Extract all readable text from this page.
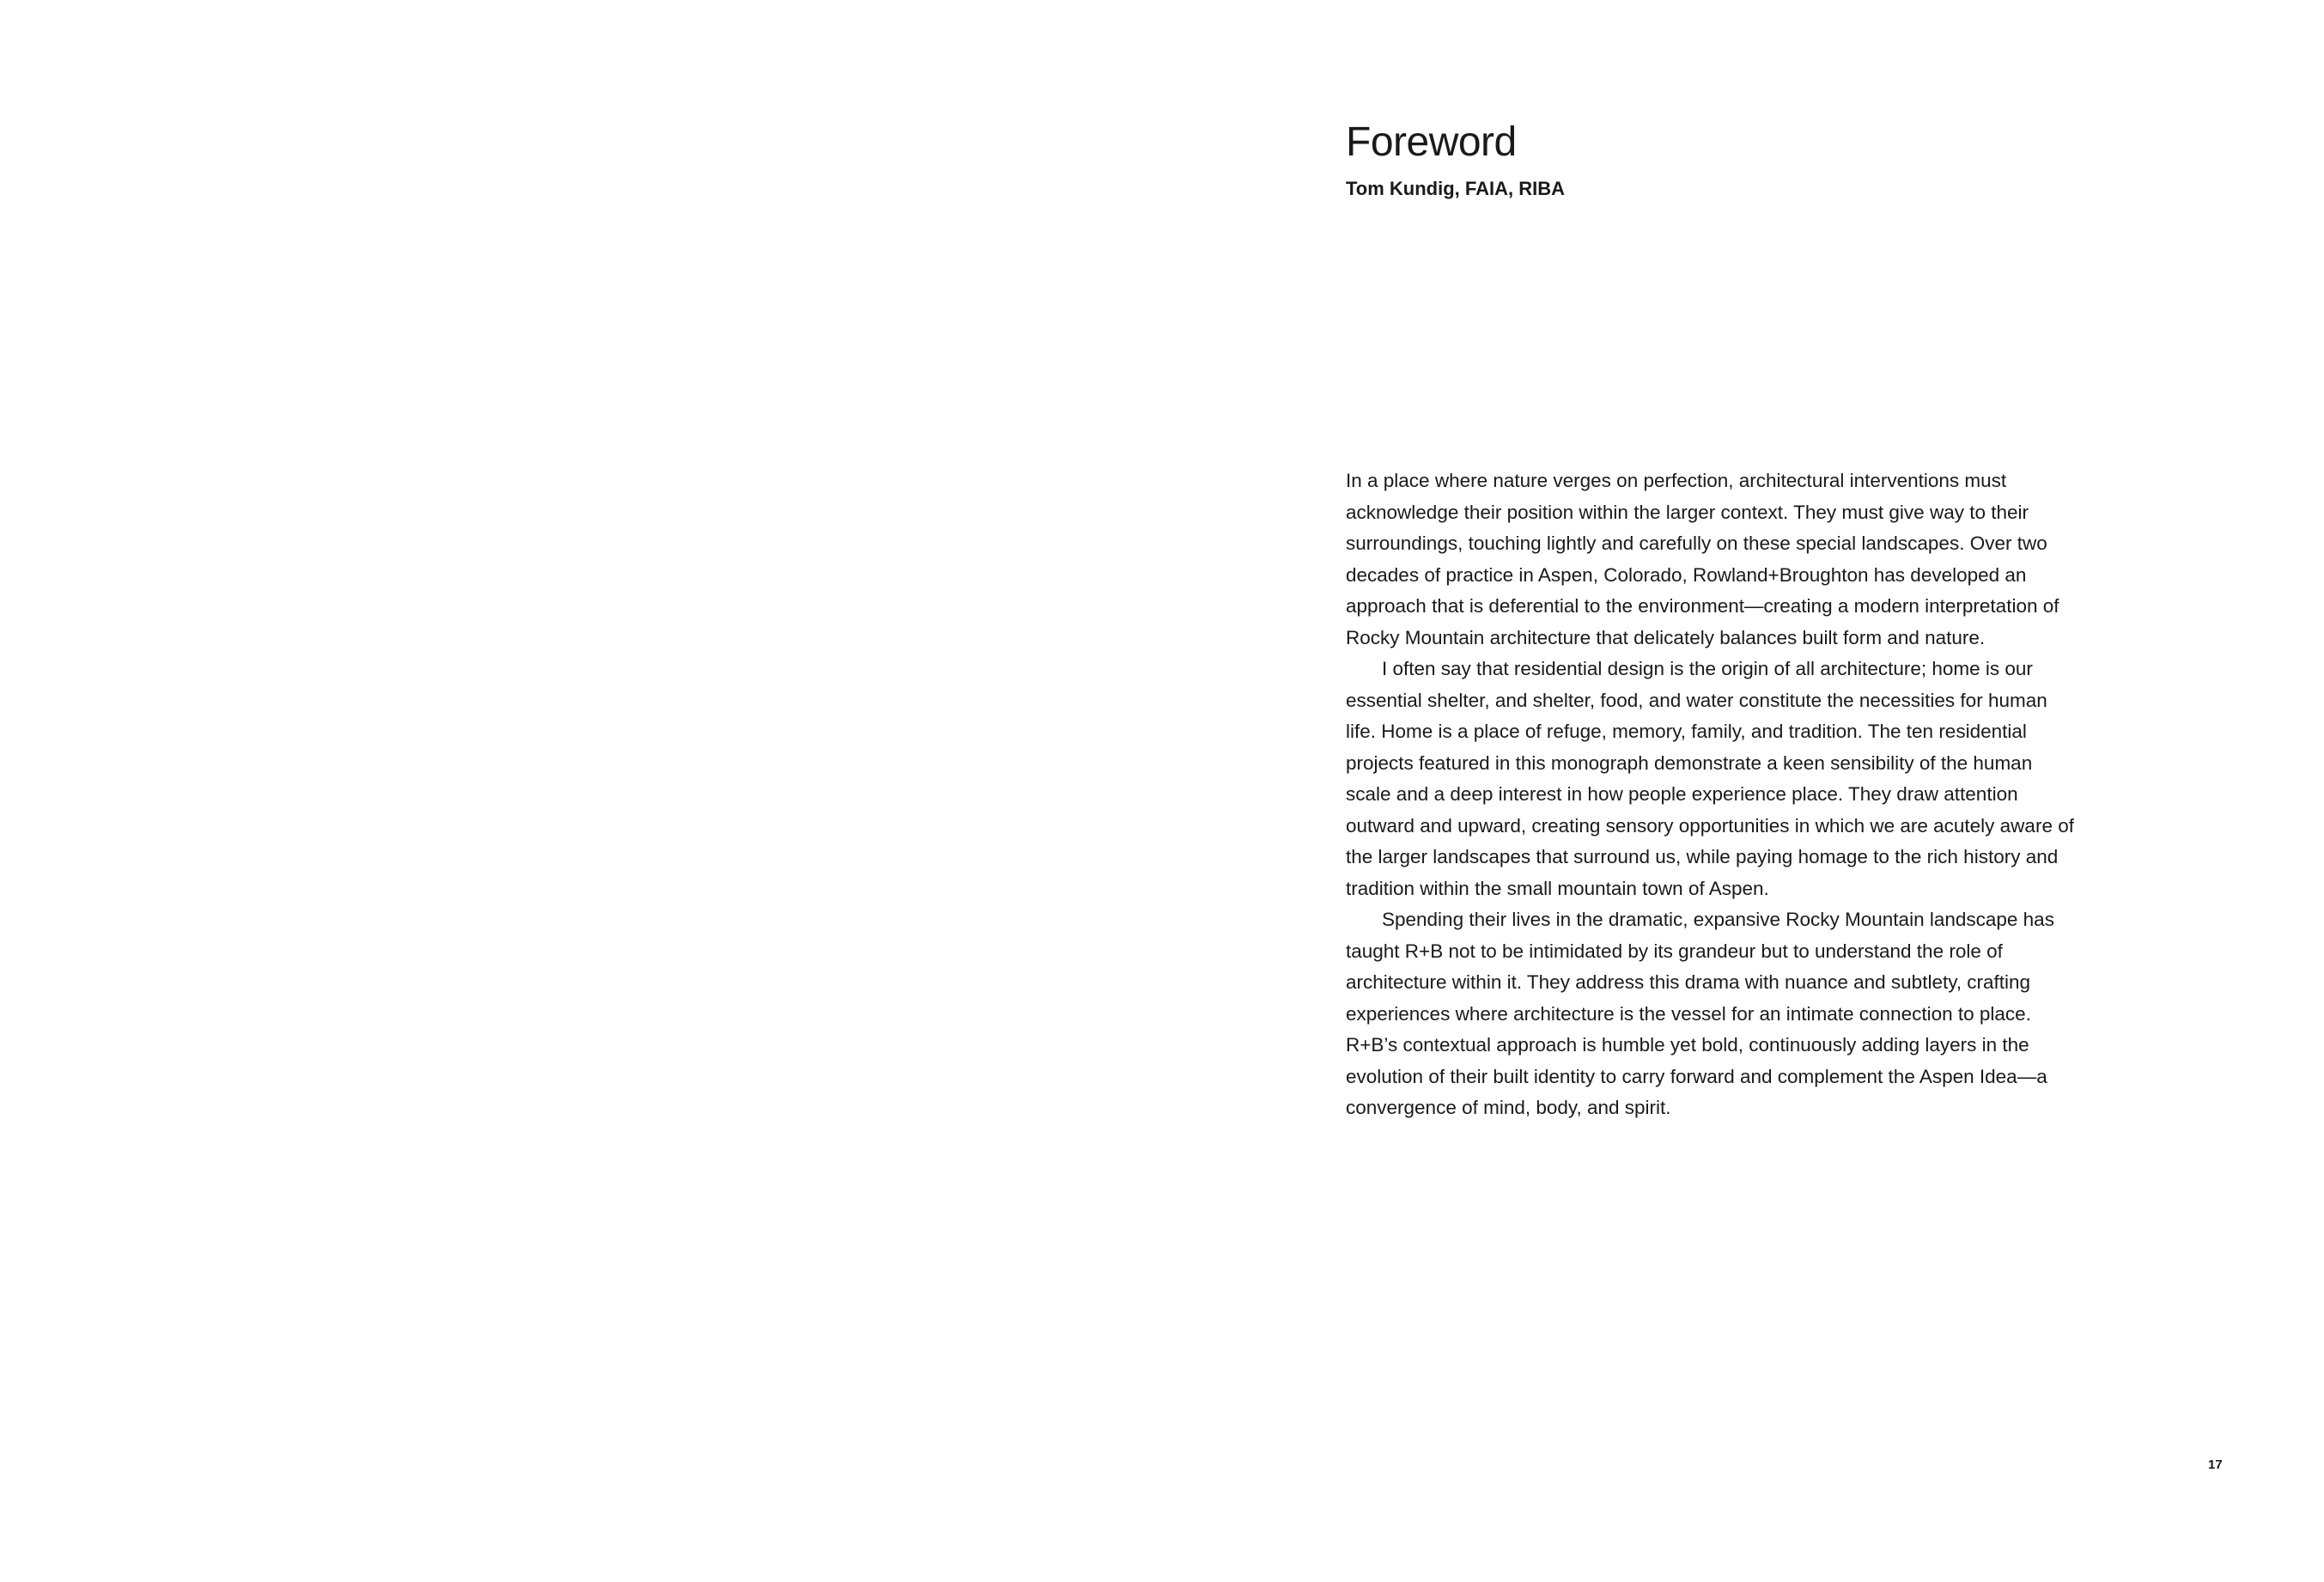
Foreword

Tom Kundig, FAIA, RIBA

In a place where nature verges on perfection, architectural interventions must acknowledge their position within the larger context. They must give way to their surroundings, touching lightly and carefully on these special landscapes. Over two decades of practice in Aspen, Colorado, Rowland+Broughton has developed an approach that is deferential to the environment—creating a modern interpretation of Rocky Mountain architecture that delicately balances built form and nature.

I often say that residential design is the origin of all architecture; home is our essential shelter, and shelter, food, and water constitute the necessities for human life. Home is a place of refuge, memory, family, and tradition. The ten residential projects featured in this monograph demonstrate a keen sensibility of the human scale and a deep interest in how people experience place. They draw attention outward and upward, creating sensory opportunities in which we are acutely aware of the larger landscapes that surround us, while paying homage to the rich history and tradition within the small mountain town of Aspen.

Spending their lives in the dramatic, expansive Rocky Mountain landscape has taught R+B not to be intimidated by its grandeur but to understand the role of architecture within it. They address this drama with nuance and subtlety, crafting experiences where architecture is the vessel for an intimate connection to place. R+B’s contextual approach is humble yet bold, continuously adding layers in the evolution of their built identity to carry forward and complement the Aspen Idea—a convergence of mind, body, and spirit.

17
